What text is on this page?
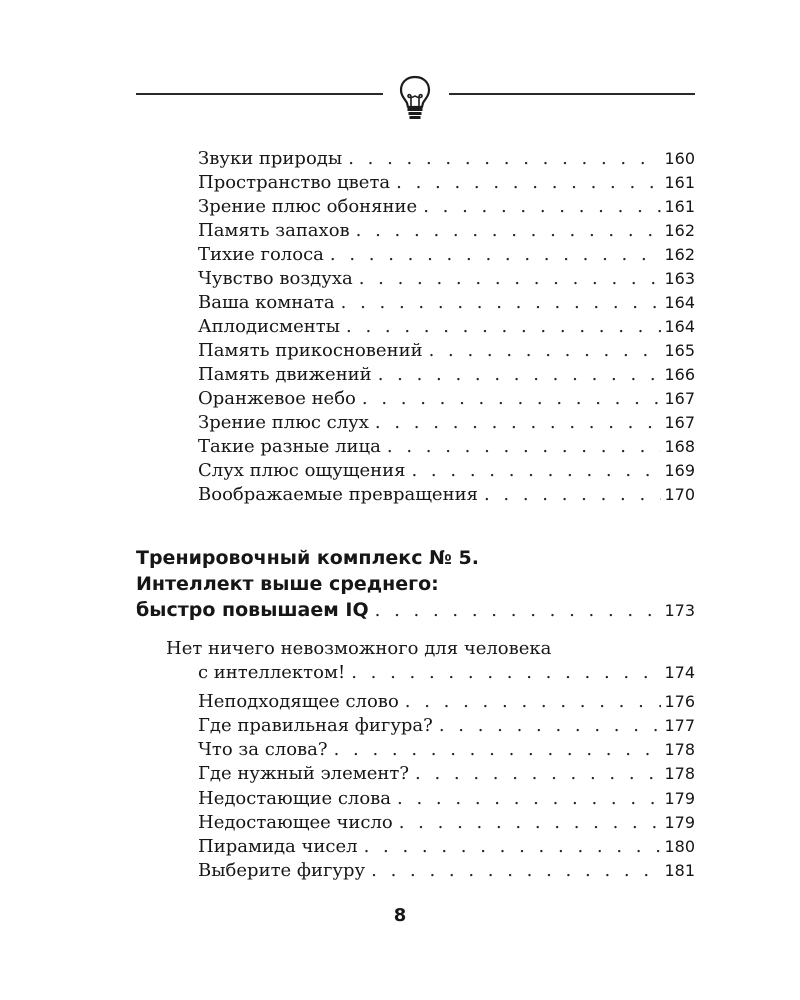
Звуки природы . . .	160
Пространство цвета . . .	161
Зрение плюс обоняние . . .	161
Память запахов . . .	162
Тихие голоса . . .	162
Чувство воздуха . . .	163
Ваша комната . . .	164
Аплодисменты . . .	164
Память прикосновений . . .	165
Память движений . . .	166
Оранжевое небо . . .	167
Зрение плюс слух . . .	167
Такие разные лица . . .	168
Слух плюс ощущения . . .	169
Воображаемые превращения . . .	170
Тренировочный комплекс № 5.
Интеллект выше среднего:
быстро повышаем IQ . . .	173
Нет ничего невозможного для человека
с интеллектом! . . .	174
Неподходящее слово . . .	176
Где правильная фигура? . . .	177
Что за слова? . . .	178
Где нужный элемент? . . .	178
Недостающие слова . . .	179
Недостающее число . . .	179
Пирамида чисел . . .	180
Выберите фигуру . . .	181
8
